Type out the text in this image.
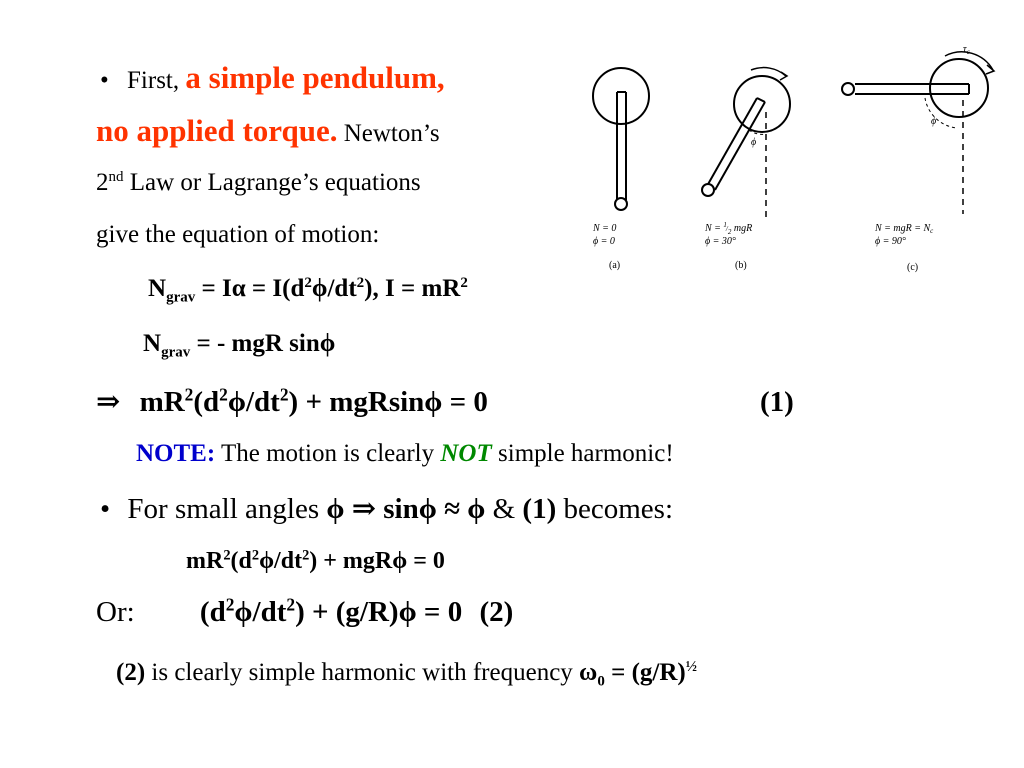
• First, a simple pendulum,
no applied torque. Newton’s
2nd Law or Lagrange’s equations
give the equation of motion:
$N_{grav} = I\alpha = I(d^2\phi/dt^2)$, $I = mR^2$
$N_{grav}$ = - mgR sinϕ
⇒ $mR^2(d^2\phi/dt^2) + mgRsin\phi = 0$	(1)
NOTE: The motion is clearly NOT simple harmonic!
• For small angles ϕ ⇒ sinϕ ≈ ϕ & (1) becomes:
$mR^2(d^2\phi/dt^2) + mgR\phi = 0$
Or: $(d^2\phi/dt^2) + (g/R)\phi = 0$ (2)
(2) is clearly simple harmonic with frequency $\omega_0 = (g/R)^{\frac{1}{2}}$
ϕ
ϕ
$\tau_c$
N = 0
ϕ = 0
(a)
$N = ^1/_2$ mgR
ϕ = 30°
(b)
N = mgR = $N_c$
ϕ = 90°
(c)
